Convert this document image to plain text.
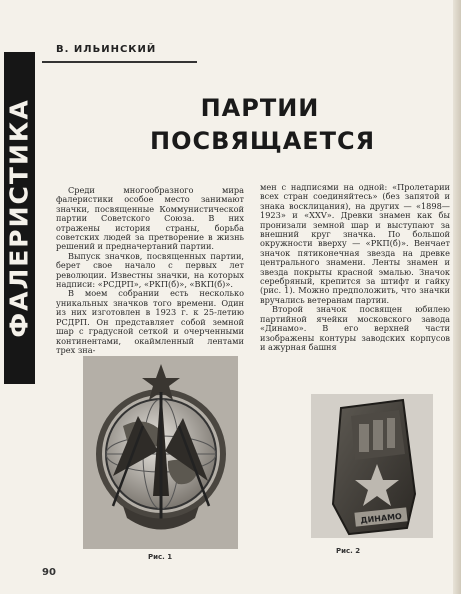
ФАЛЕРИСТИКА
В. ИЛЬИНСКИЙ
ПАРТИИ
ПОСВЯЩАЕТСЯ

Среди многообразного мира фалеристики особое место занимают значки, посвященные Коммунистической партии Советского Союза. В них отражены история страны, борьба советских людей за претворение в жизнь решений и предначертаний партии.

Выпуск значков, посвященных партии, берет свое начало с первых лет революции. Известны значки, на которых надписи: «РСДРП», «РКП(б)», «ВКП(б)».

В моем собрании есть несколько уникальных значков того времени. Один из них изготовлен в 1923 г. к 25-летию РСДРП. Он представляет собой земной шар с градусной сеткой и очерченными континентами, окаймленный лентами трех зна-

мен с надписями на одной: «Пролетарии всех стран соединяйтесь» (без запятой и знака восклицания), на других — «1898—1923» и «XXV». Древки знамен как бы пронизали земной шар и выступают за внешний круг значка. По большой окружности вверху — «РКП(б)». Венчает значок пятиконечная звезда на древке центрального знамени. Ленты знамен и звезда покрыты красной эмалью. Значок серебряный, крепится за штифт и гайку (рис. 1). Можно предположить, что значки вручались ветеранам партии.

Второй значок посвящен юбилею партийной ячейки московского завода «Динамо». В его верхней части изображены контуры заводских корпусов и ажурная башня

Рис. 1
ДИНАМО
Рис. 2
90
